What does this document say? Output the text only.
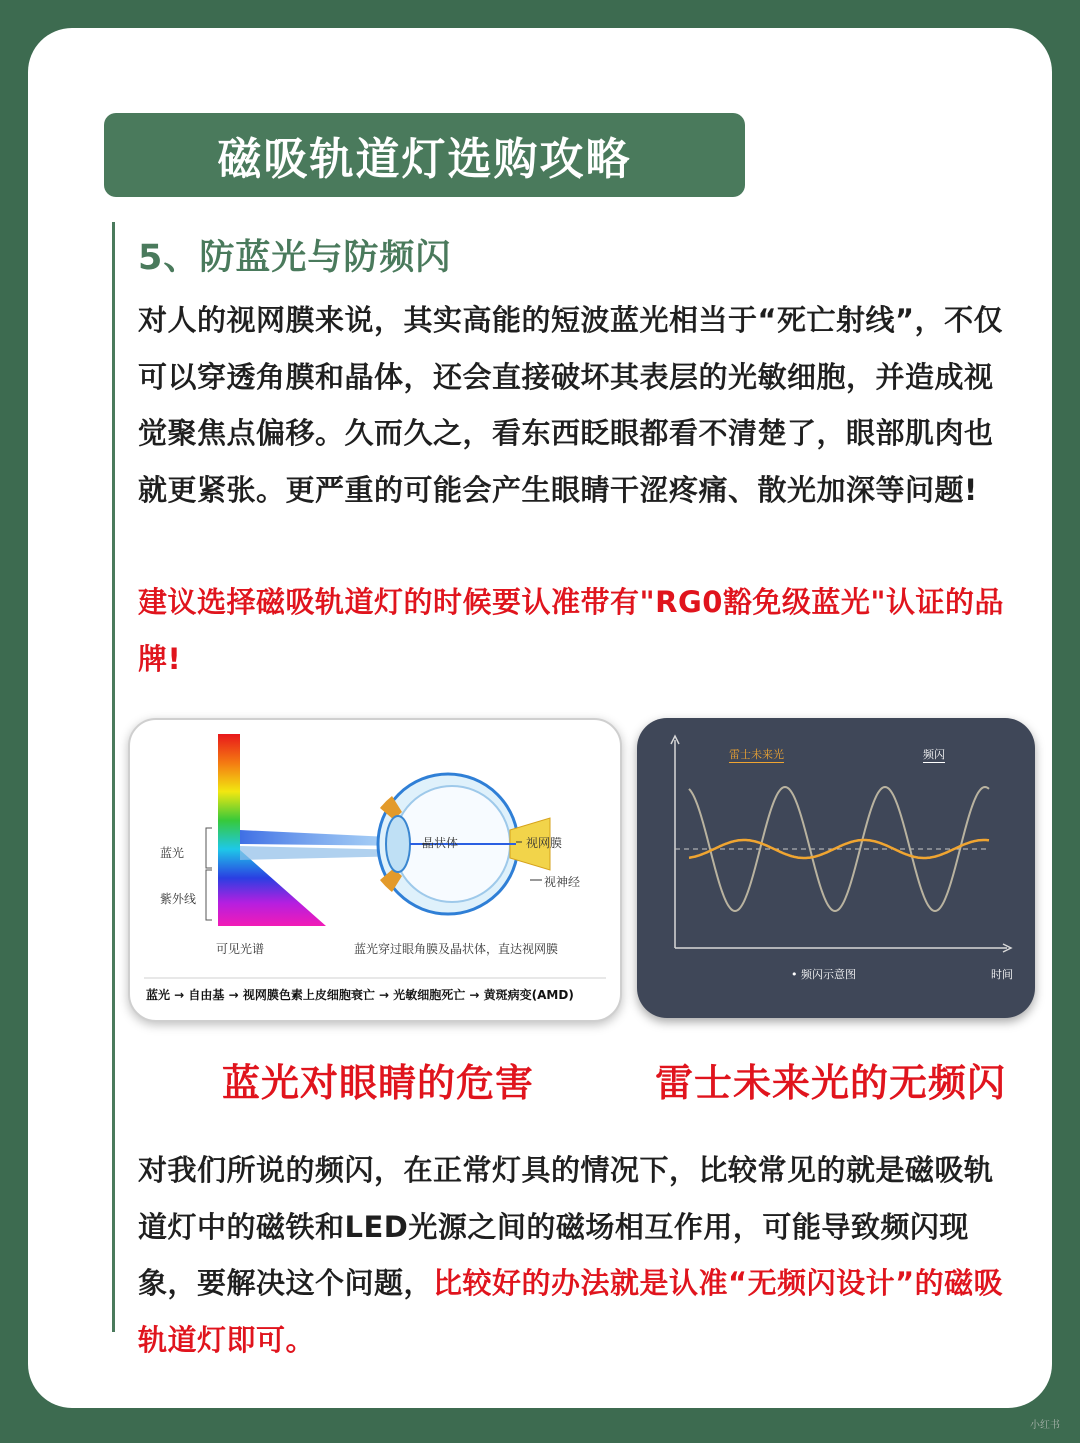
磁吸轨道灯选购攻略
5、防蓝光与防频闪

对人的视网膜来说，其实高能的短波蓝光相当于“死亡射线”，不仅可以穿透角膜和晶体，还会直接破坏其表层的光敏细胞，并造成视觉聚焦点偏移。久而久之，看东西眨眼都看不清楚了，眼部肌肉也就更紧张。更严重的可能会产生眼睛干涩疼痛、散光加深等问题!

建议选择磁吸轨道灯的时候要认准带有"RG0豁免级蓝光"认证的品牌!

蓝光
紫外线
可见光谱
晶状体	视网膜
视神经
蓝光穿过眼角膜及晶状体，直达视网膜
蓝光 → 自由基 → 视网膜色素上皮细胞衰亡 → 光敏细胞死亡 → 黄斑病变(AMD)
雷士未来光	频闪
• 频闪示意图	时间
蓝光对眼睛的危害	雷士未来光的无频闪

对我们所说的频闪，在正常灯具的情况下，比较常见的就是磁吸轨道灯中的磁铁和LED光源之间的磁场相互作用，可能导致频闪现象，要解决这个问题，比较好的办法就是认准“无频闪设计”的磁吸轨道灯即可。

小红书
